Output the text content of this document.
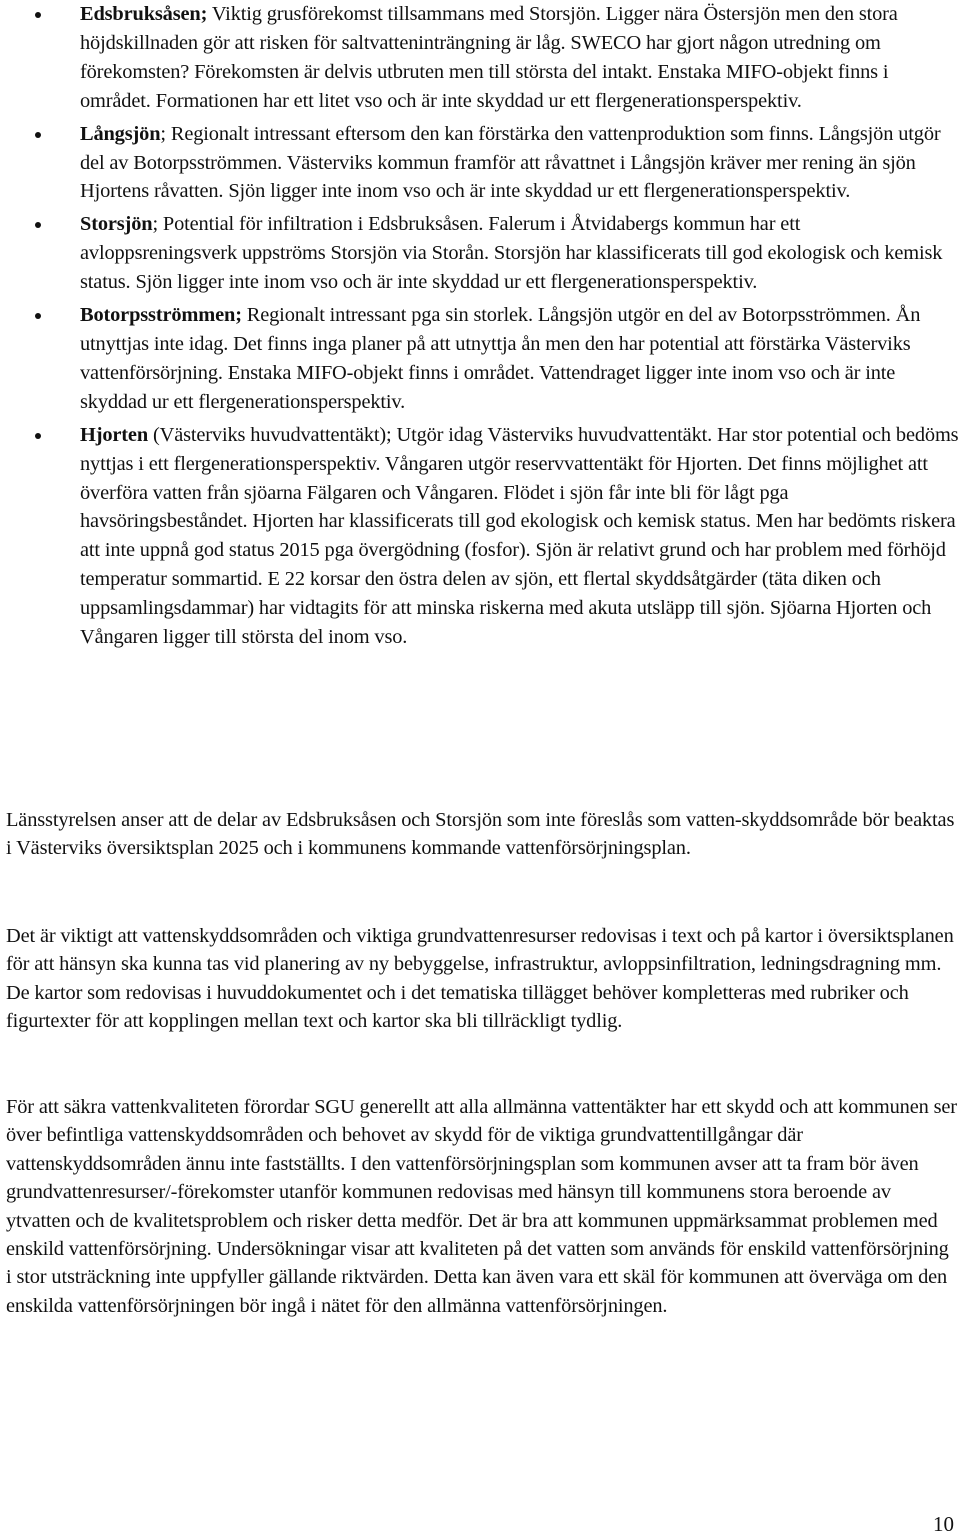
Edsbruksåsen; Viktig grusförekomst tillsammans med Storsjön. Ligger nära Östersjön men den stora höjdskillnaden gör att risken för saltvatteninträngning är låg. SWECO har gjort någon utredning om förekomsten? Förekomsten är delvis utbruten men till största del intakt. Enstaka MIFO-objekt finns i området. Formationen har ett litet vso och är inte skyddad ur ett flergenerationsperspektiv.
Långsjön; Regionalt intressant eftersom den kan förstärka den vattenproduktion som finns. Långsjön utgör del av Botorpsströmmen. Västerviks kommun framför att råvattnet i Långsjön kräver mer rening än sjön Hjortens råvatten. Sjön ligger inte inom vso och är inte skyddad ur ett flergenerationsperspektiv.
Storsjön; Potential för infiltration i Edsbruksåsen. Falerum i Åtvidabergs kommun har ett avloppsreningsverk uppströms Storsjön via Storån. Storsjön har klassificerats till god ekologisk och kemisk status. Sjön ligger inte inom vso och är inte skyddad ur ett flergenerationsperspektiv.
Botorpsströmmen; Regionalt intressant pga sin storlek. Långsjön utgör en del av Botorpsströmmen. Ån utnyttjas inte idag. Det finns inga planer på att utnyttja ån men den har potential att förstärka Västerviks vattenförsörjning. Enstaka MIFO-objekt finns i området. Vattendraget ligger inte inom vso och är inte skyddad ur ett flergenerationsperspektiv.
Hjorten (Västerviks huvudvattentäkt); Utgör idag Västerviks huvudvattentäkt. Har stor potential och bedöms nyttjas i ett flergenerationsperspektiv. Vångaren utgör reservvattentäkt för Hjorten. Det finns möjlighet att överföra vatten från sjöarna Fälgaren och Vångaren. Flödet i sjön får inte bli för lågt pga havsöringsbeståndet. Hjorten har klassificerats till god ekologisk och kemisk status. Men har bedömts riskera att inte uppnå god status 2015 pga övergödning (fosfor). Sjön är relativt grund och har problem med förhöjd temperatur sommartid. E 22 korsar den östra delen av sjön, ett flertal skyddsåtgärder (täta diken och uppsamlingsdammar) har vidtagits för att minska riskerna med akuta utsläpp till sjön. Sjöarna Hjorten och Vångaren ligger till största del inom vso.

Länsstyrelsen anser att de delar av Edsbruksåsen och Storsjön som inte föreslås som vatten-skyddsområde bör beaktas i Västerviks översiktsplan 2025 och i kommunens kommande vattenförsörjningsplan.

Det är viktigt att vattenskyddsområden och viktiga grundvattenresurser redovisas i text och på kartor i översiktsplanen för att hänsyn ska kunna tas vid planering av ny bebyggelse, infrastruktur, avloppsinfiltration, ledningsdragning mm. De kartor som redovisas i huvuddokumentet och i det tematiska tillägget behöver kompletteras med rubriker och figurtexter för att kopplingen mellan text och kartor ska bli tillräckligt tydlig.

För att säkra vattenkvaliteten förordar SGU generellt att alla allmänna vattentäkter har ett skydd och att kommunen ser över befintliga vattenskyddsområden och behovet av skydd för de viktiga grundvattentillgångar där vattenskyddsområden ännu inte fastställts. I den vattenförsörjningsplan som kommunen avser att ta fram bör även grundvattenresurser/-förekomster utanför kommunen redovisas med hänsyn till kommunens stora beroende av ytvatten och de kvalitetsproblem och risker detta medför. Det är bra att kommunen uppmärksammat problemen med enskild vattenförsörjning. Undersökningar visar att kvaliteten på det vatten som används för enskild vattenförsörjning i stor utsträckning inte uppfyller gällande riktvärden. Detta kan även vara ett skäl för kommunen att överväga om den enskilda vattenförsörjningen bör ingå i nätet för den allmänna vattenförsörjningen.

10
